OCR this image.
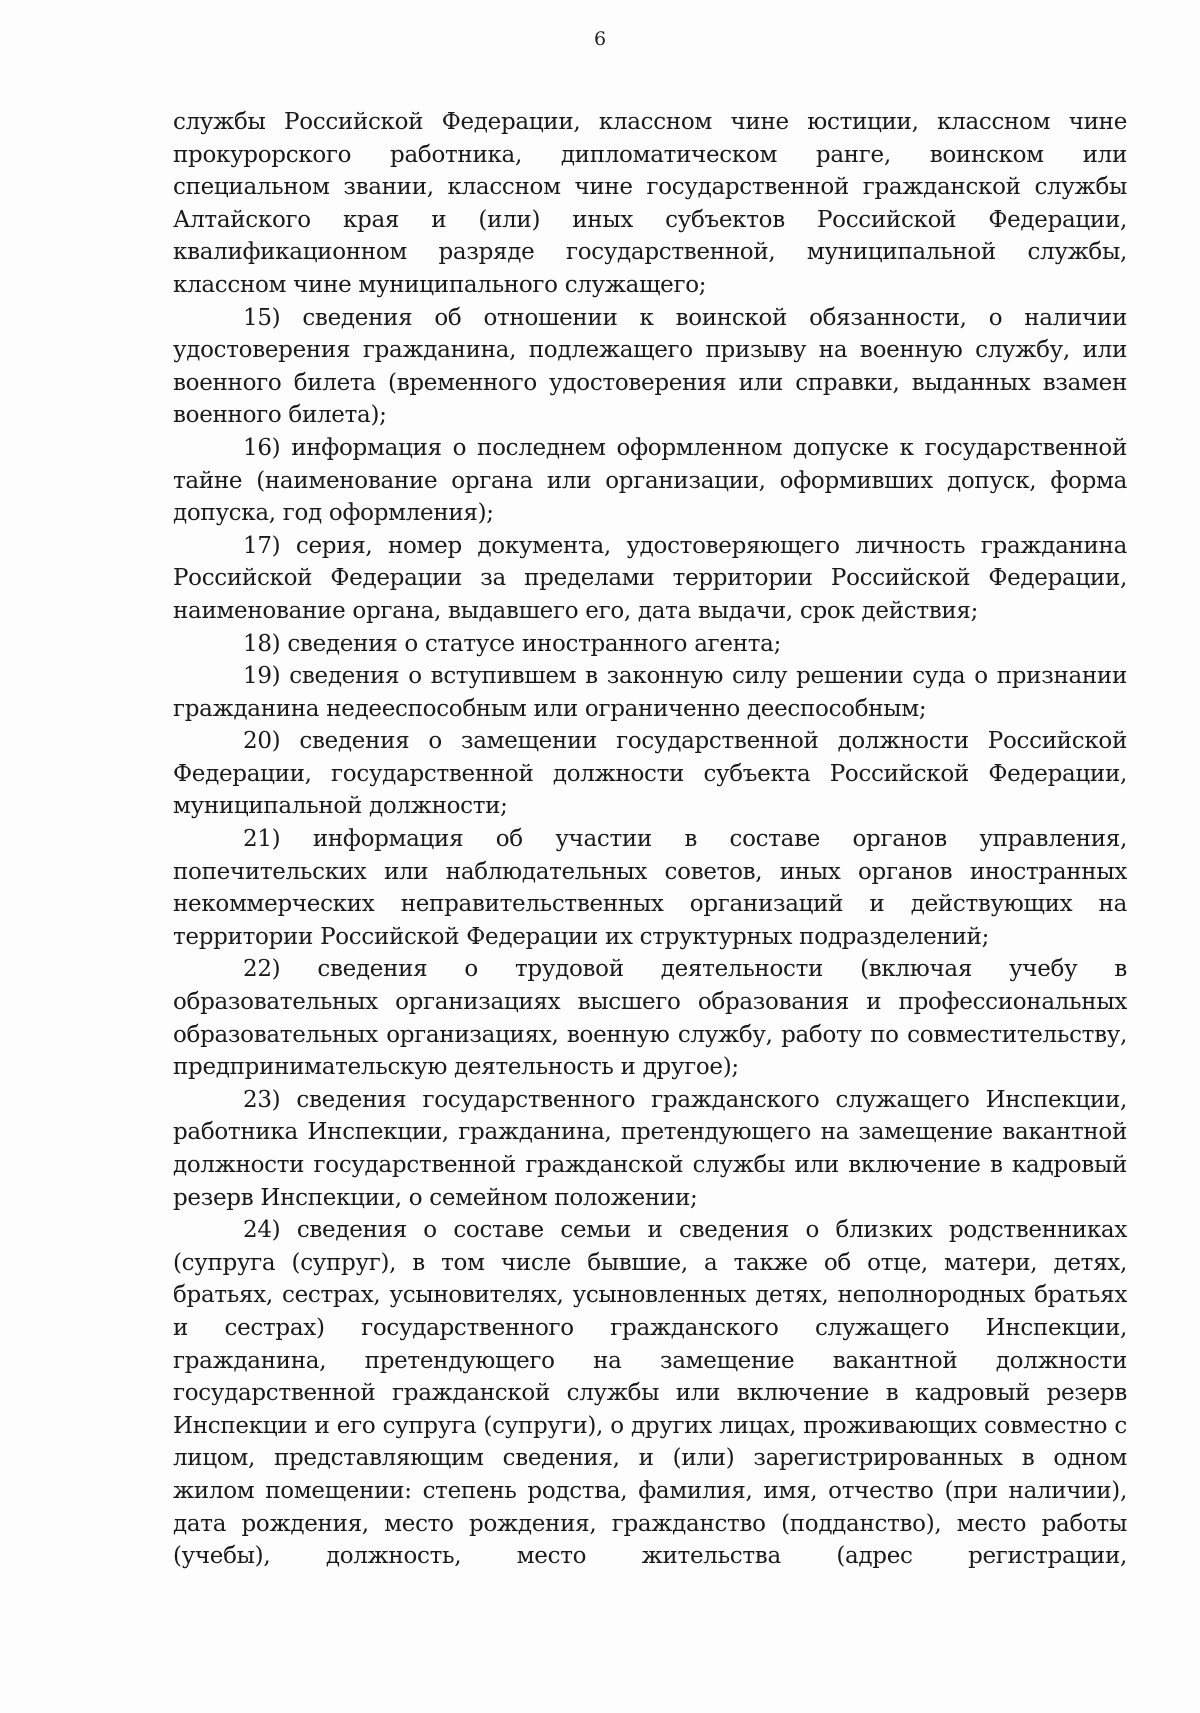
6

службы Российской Федерации, классном чине юстиции, классном чине прокурорского работника, дипломатическом ранге, воинском или специальном звании, классном чине государственной гражданской службы Алтайского края и (или) иных субъектов Российской Федерации, квалификационном разряде государственной, муниципальной службы, классном чине муниципального служащего;

15) сведения об отношении к воинской обязанности, о наличии удостоверения гражданина, подлежащего призыву на военную службу, или военного билета (временного удостоверения или справки, выданных взамен военного билета);

16) информация о последнем оформленном допуске к государственной тайне (наименование органа или организации, оформивших допуск, форма допуска, год оформления);

17) серия, номер документа, удостоверяющего личность гражданина Российской Федерации за пределами территории Российской Федерации, наименование органа, выдавшего его, дата выдачи, срок действия;

18) сведения о статусе иностранного агента;

19) сведения о вступившем в законную силу решении суда о признании гражданина недееспособным или ограниченно дееспособным;

20) сведения о замещении государственной должности Российской Федерации, государственной должности субъекта Российской Федерации, муниципальной должности;

21) информация об участии в составе органов управления, попечительских или наблюдательных советов, иных органов иностранных некоммерческих неправительственных организаций и действующих на территории Российской Федерации их структурных подразделений;

22) сведения о трудовой деятельности (включая учебу в образовательных организациях высшего образования и профессиональных образовательных организациях, военную службу, работу по совместительству, предпринимательскую деятельность и другое);

23) сведения государственного гражданского служащего Инспекции, работника Инспекции, гражданина, претендующего на замещение вакантной должности государственной гражданской службы или включение в кадровый резерв Инспекции, о семейном положении;

24) сведения о составе семьи и сведения о близких родственниках (супруга (супруг), в том числе бывшие, а также об отце, матери, детях, братьях, сестрах, усыновителях, усыновленных детях, неполнородных братьях и сестрах) государственного гражданского служащего Инспекции, гражданина, претендующего на замещение вакантной должности государственной гражданской службы или включение в кадровый резерв Инспекции и его супруга (супруги), о других лицах, проживающих совместно с лицом, представляющим сведения, и (или) зарегистрированных в одном жилом помещении: степень родства, фамилия, имя, отчество (при наличии), дата рождения, место рождения, гражданство (подданство), место работы (учебы), должность, место жительства (адрес регистрации,
